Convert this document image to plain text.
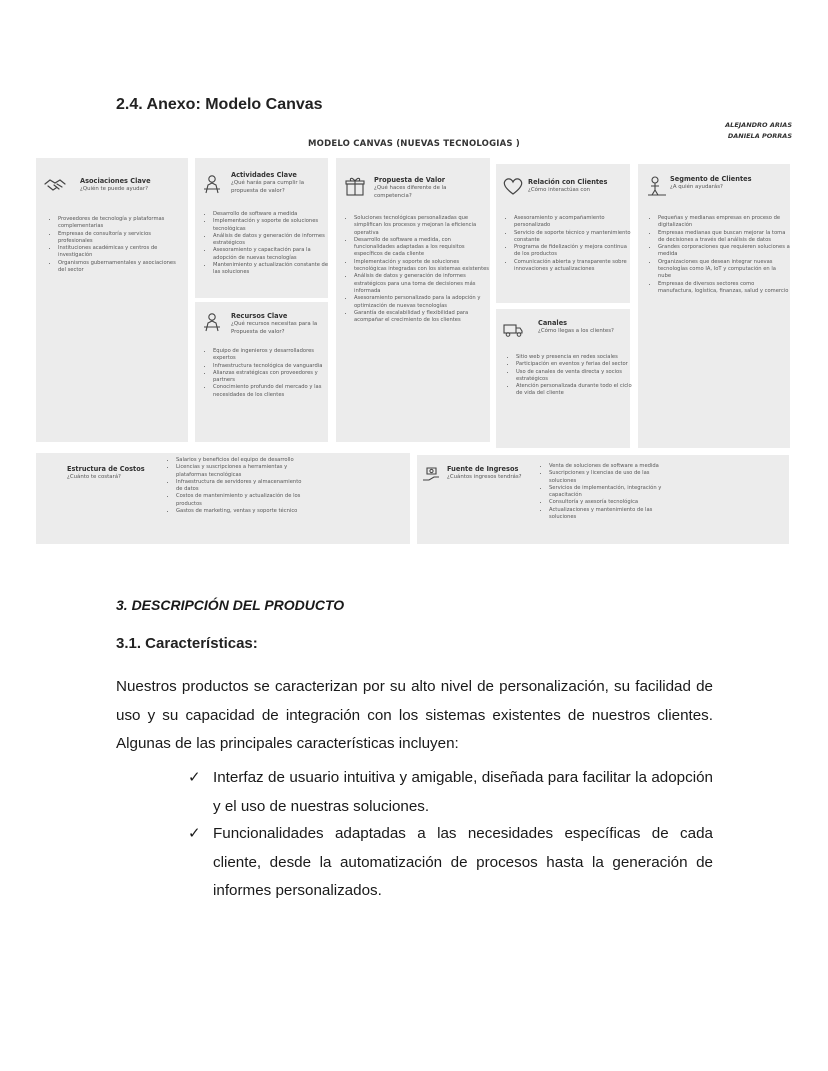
2.4. Anexo: Modelo Canvas
ALEJANDRO ARIAS
DANIELA PORRAS
MODELO CANVAS (NUEVAS TECNOLOGIAS )
Asociaciones Clave
¿Quién te puede ayudar?
• Proveedores de tecnología y plataformas complementarias
• Empresas de consultoría y servicios profesionales
• Instituciones académicas y centros de investigación
• Organismos gubernamentales y asociaciones del sector
Actividades Clave
¿Qué harás para cumplir la propuesta de valor?
• Desarrollo de software a medida
• Implementación y soporte de soluciones tecnológicas
• Análisis de datos y generación de informes estratégicos
• Asesoramiento y capacitación para la adopción de nuevas tecnologías
• Mantenimiento y actualización constante de las soluciones
Recursos Clave
¿Qué recursos necesitas para la Propuesta de valor?
• Equipo de ingenieros y desarrolladores expertos
• Infraestructura tecnológica de vanguardia
• Alianzas estratégicas con proveedores y partners
• Conocimiento profundo del mercado y las necesidades de los clientes
Propuesta de Valor
¿Qué haces diferente de la competencia?
• Soluciones tecnológicas personalizadas que simplifican los procesos y mejoran la eficiencia operativa
• Desarrollo de software a medida, con funcionalidades adaptadas a los requisitos específicos de cada cliente
• Implementación y soporte de soluciones tecnológicas integradas con los sistemas existentes
• Análisis de datos y generación de informes estratégicos para una toma de decisiones más informada
• Asesoramiento personalizado para la adopción y optimización de nuevas tecnologías
• Garantía de escalabilidad y flexibilidad para acompañar el crecimiento de los clientes
Relación con Clientes
¿Cómo interactúas con
• Asesoramiento y acompañamiento personalizado
• Servicio de soporte técnico y mantenimiento constante
• Programa de fidelización y mejora continua de los productos
• Comunicación abierta y transparente sobre innovaciones y actualizaciones
Canales
¿Cómo llegas a los clientes?
• Sitio web y presencia en redes sociales
• Participación en eventos y ferias del sector
• Uso de canales de venta directa y socios estratégicos
• Atención personalizada durante todo el ciclo de vida del cliente
Segmento de Clientes
¿A quién ayudarás?
• Pequeñas y medianas empresas en proceso de digitalización
• Empresas medianas que buscan mejorar la toma de decisiones a través del análisis de datos
• Grandes corporaciones que requieren soluciones a medida
• Organizaciones que desean integrar nuevas tecnologías como IA, IoT y computación en la nube
• Empresas de diversos sectores como manufactura, logística, finanzas, salud y comercio
Estructura de Costos
¿Cuánto te costará?
• Salarios y beneficios del equipo de desarrollo
• Licencias y suscripciones a herramientas y plataformas tecnológicas
• Infraestructura de servidores y almacenamiento de datos
• Costos de mantenimiento y actualización de los productos
• Gastos de marketing, ventas y soporte técnico
Fuente de Ingresos
¿Cuántos ingresos tendrás?
• Venta de soluciones de software a medida
• Suscripciones y licencias de uso de las soluciones
• Servicios de implementación, integración y capacitación
• Consultoría y asesoría tecnológica
• Actualizaciones y mantenimiento de las soluciones
3. DESCRIPCIÓN DEL PRODUCTO
3.1. Características:
Nuestros productos se caracterizan por su alto nivel de personalización, su facilidad de uso y su capacidad de integración con los sistemas existentes de nuestros clientes. Algunas de las principales características incluyen:
✓ Interfaz de usuario intuitiva y amigable, diseñada para facilitar la adopción y el uso de nuestras soluciones.
✓ Funcionalidades adaptadas a las necesidades específicas de cada cliente, desde la automatización de procesos hasta la generación de informes personalizados.
